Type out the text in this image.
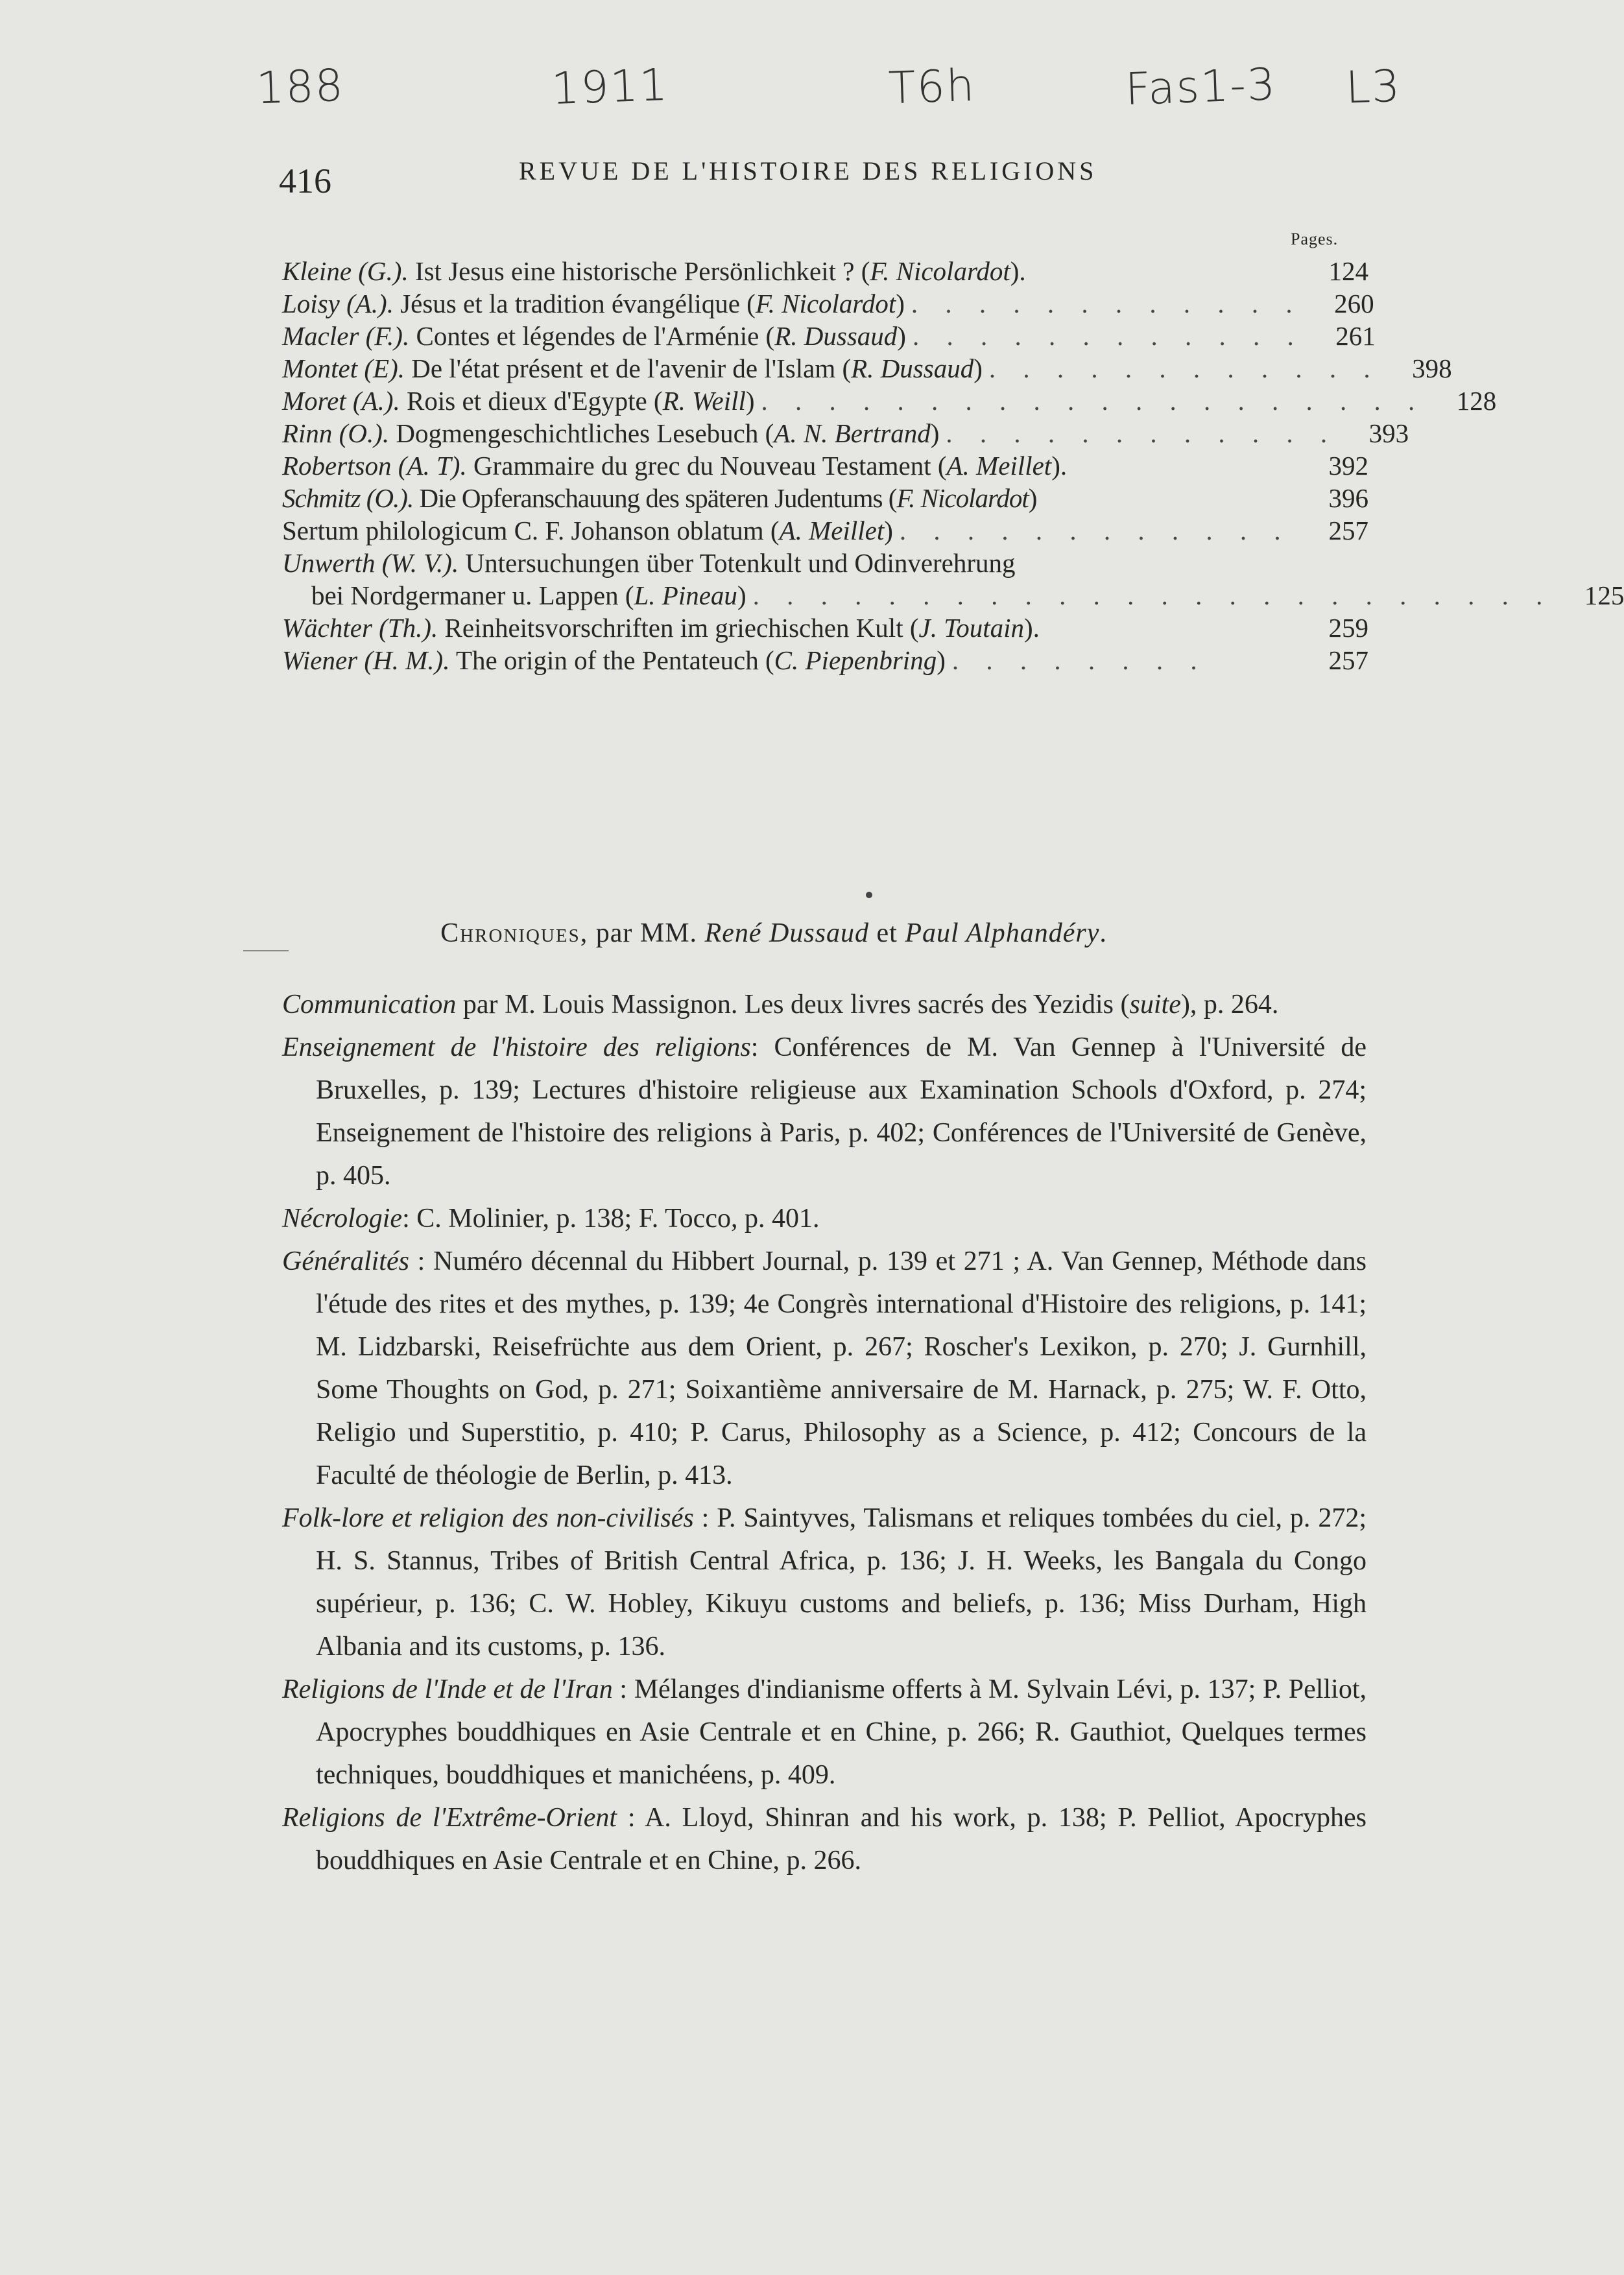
188	1911	T6h	Fas1-3 L3
416	REVUE DE L'HISTOIRE DES RELIGIONS
Pages.
Kleine (G.). Ist Jesus eine historische Persönlichkeit ? (F. Nicolardot).	124
Loisy (A.). Jésus et la tradition évangélique (F. Nicolardot) . . . . . . . . . . . .	260
Macler (F.). Contes et légendes de l'Arménie (R. Dussaud) . . . . . . . . . . . .	261
Montet (E). De l'état présent et de l'avenir de l'Islam (R. Dussaud) . . . . . . . . . . . .	398
Moret (A.). Rois et dieux d'Egypte (R. Weill) . . . . . . . . . . . . . . . . . . . .	128
Rinn (O.). Dogmengeschichtliches Lesebuch (A. N. Bertrand) . . . . . . . . . . . .	393
Robertson (A. T). Grammaire du grec du Nouveau Testament (A. Meillet).	392
Schmitz (O.). Die Opferanschauung des späteren Judentums (F. Nicolardot)	396
Sertum philologicum C. F. Johanson oblatum (A. Meillet) . . . . . . . . . . . .	257
Unwerth (W. V.). Untersuchungen über Totenkult und Odinverehrung
bei Nordgermaner u. Lappen (L. Pineau) . . . . . . . . . . . . . . . . . . . . . . . .	125
Wächter (Th.). Reinheitsvorschriften im griechischen Kult (J. Toutain).	259
Wiener (H. M.). The origin of the Pentateuch (C. Piepenbring) . . . . . . . .	257
Chroniques, par MM. René Dussaud et Paul Alphandéry.
Communication par M. Louis Massignon. Les deux livres sacrés des Yezidis (suite), p. 264.
Enseignement de l'histoire des religions: Conférences de M. Van Gennep à l'Université de Bruxelles, p. 139; Lectures d'histoire religieuse aux Examination Schools d'Oxford, p. 274; Enseignement de l'histoire des religions à Paris, p. 402; Conférences de l'Université de Genève, p. 405.
Nécrologie: C. Molinier, p. 138; F. Tocco, p. 401.
Généralités : Numéro décennal du Hibbert Journal, p. 139 et 271 ; A. Van Gennep, Méthode dans l'étude des rites et des mythes, p. 139; 4e Congrès international d'Histoire des religions, p. 141; M. Lidzbarski, Reisefrüchte aus dem Orient, p. 267; Roscher's Lexikon, p. 270; J. Gurnhill, Some Thoughts on God, p. 271; Soixantième anniversaire de M. Harnack, p. 275; W. F. Otto, Religio und Superstitio, p. 410; P. Carus, Philosophy as a Science, p. 412; Concours de la Faculté de théologie de Berlin, p. 413.
Folk-lore et religion des non-civilisés : P. Saintyves, Talismans et reliques tombées du ciel, p. 272; H. S. Stannus, Tribes of British Central Africa, p. 136; J. H. Weeks, les Bangala du Congo supérieur, p. 136; C. W. Hobley, Kikuyu customs and beliefs, p. 136; Miss Durham, High Albania and its customs, p. 136.
Religions de l'Inde et de l'Iran : Mélanges d'indianisme offerts à M. Sylvain Lévi, p. 137; P. Pelliot, Apocryphes bouddhiques en Asie Centrale et en Chine, p. 266; R. Gauthiot, Quelques termes techniques, bouddhiques et manichéens, p. 409.
Religions de l'Extrême-Orient : A. Lloyd, Shinran and his work, p. 138; P. Pelliot, Apocryphes bouddhiques en Asie Centrale et en Chine, p. 266.
